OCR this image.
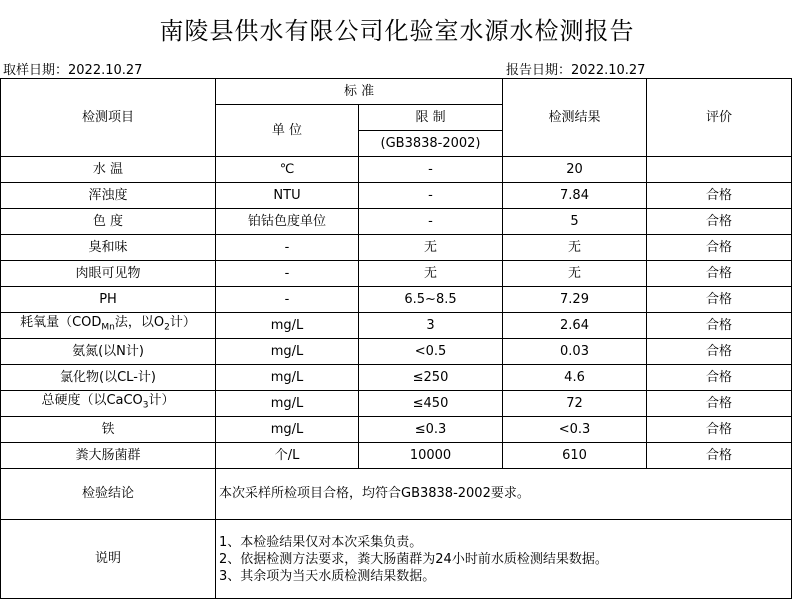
南陵县供水有限公司化验室水源水检测报告
取样日期：2022.10.27	报告日期：2022.10.27
检测项目	标 准		检测结果	评价
	单 位	限 制		
		(GB3838-2002)		
水 温	℃	-	20	
浑浊度	NTU	-	7.84	合格
色 度	铂钴色度单位	-	5	合格
臭和味	-	无	无	合格
肉眼可见物	-	无	无	合格
PH	-	6.5~8.5	7.29	合格
耗氧量（$COD_{Mn}$法，以$O_2$计）	mg/L	3	2.64	合格
氨氮(以N计)	mg/L	<0.5	0.03	合格
氯化物(以CL-计)	mg/L	≤250	4.6	合格
总硬度（以CaCO$_3$计）	mg/L	≤450	72	合格
铁	mg/L	≤0.3	<0.3	合格
粪大肠菌群	个/L	10000	610	合格
检验结论	本次采样所检项目合格，均符合GB3838-2002要求。			
说明	1、本检验结果仅对本次采集负责。
2、依据检测方法要求，粪大肠菌群为24小时前水质检测结果数据。
3、其余项为当天水质检测结果数据。			
